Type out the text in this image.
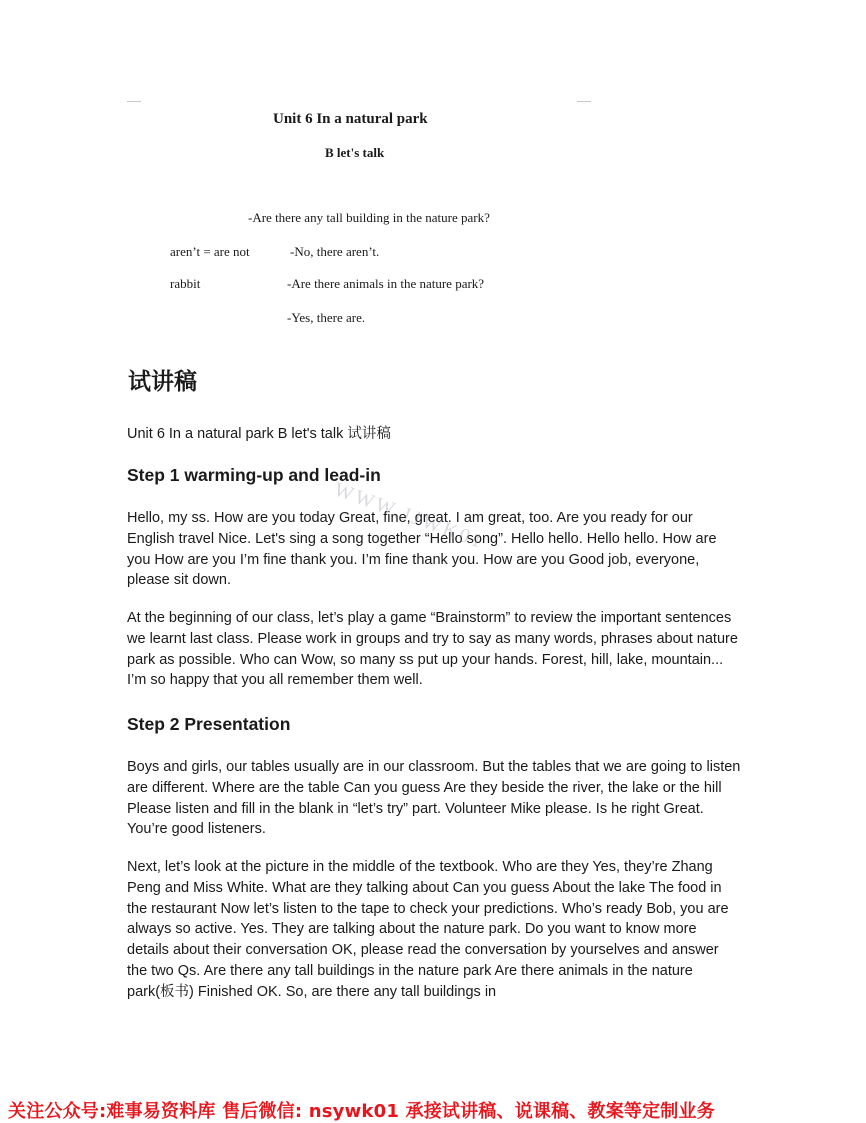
Unit 6 In a natural park
B let's talk
-Are there any tall building in the nature park?
aren’t = are not	-No, there aren’t.
rabbit	-Are there animals in the nature park?
-Yes, there are.
试讲稿
Unit 6 In a natural park B let's talk 试讲稿
Step 1 warming-up and lead-in
Hello, my ss. How are you today Great, fine, great. I am great, too. Are you ready for our English travel Nice. Let's sing a song together “Hello song”. Hello hello. Hello hello. How are you How are you I’m fine thank you. I’m fine thank you. How are you Good job, everyone, please sit down.
At the beginning of our class, let’s play a game “Brainstorm” to review the important sentences we learnt last class. Please work in groups and try to say as many words, phrases about nature park as possible. Who can Wow, so many ss put up your hands. Forest, hill, lake, mountain... I’m so happy that you all remember them well.
Step 2 Presentation
Boys and girls, our tables usually are in our classroom. But the tables that we are going to listen are different. Where are the table Can you guess Are they beside the river, the lake or the hill Please listen and fill in the blank in “let’s try” part. Volunteer Mike please. Is he right Great. You’re good listeners.
Next, let’s look at the picture in the middle of the textbook. Who are they Yes, they’re Zhang Peng and Miss White. What are they talking about Can you guess About the lake The food in the restaurant Now let’s listen to the tape to check your predictions. Who’s ready Bob, you are always so active. Yes. They are talking about the nature park. Do you want to know more details about their conversation OK, please read the conversation by yourselves and answer the two Qs. Are there any tall buildings in the nature park Are there animals in the nature park(板书) Finished OK. So, are there any tall buildings in
WWW.JJWK01
关注公众号:难事易资料库 售后微信: nsywk01 承接试讲稿、说课稿、教案等定制业务
